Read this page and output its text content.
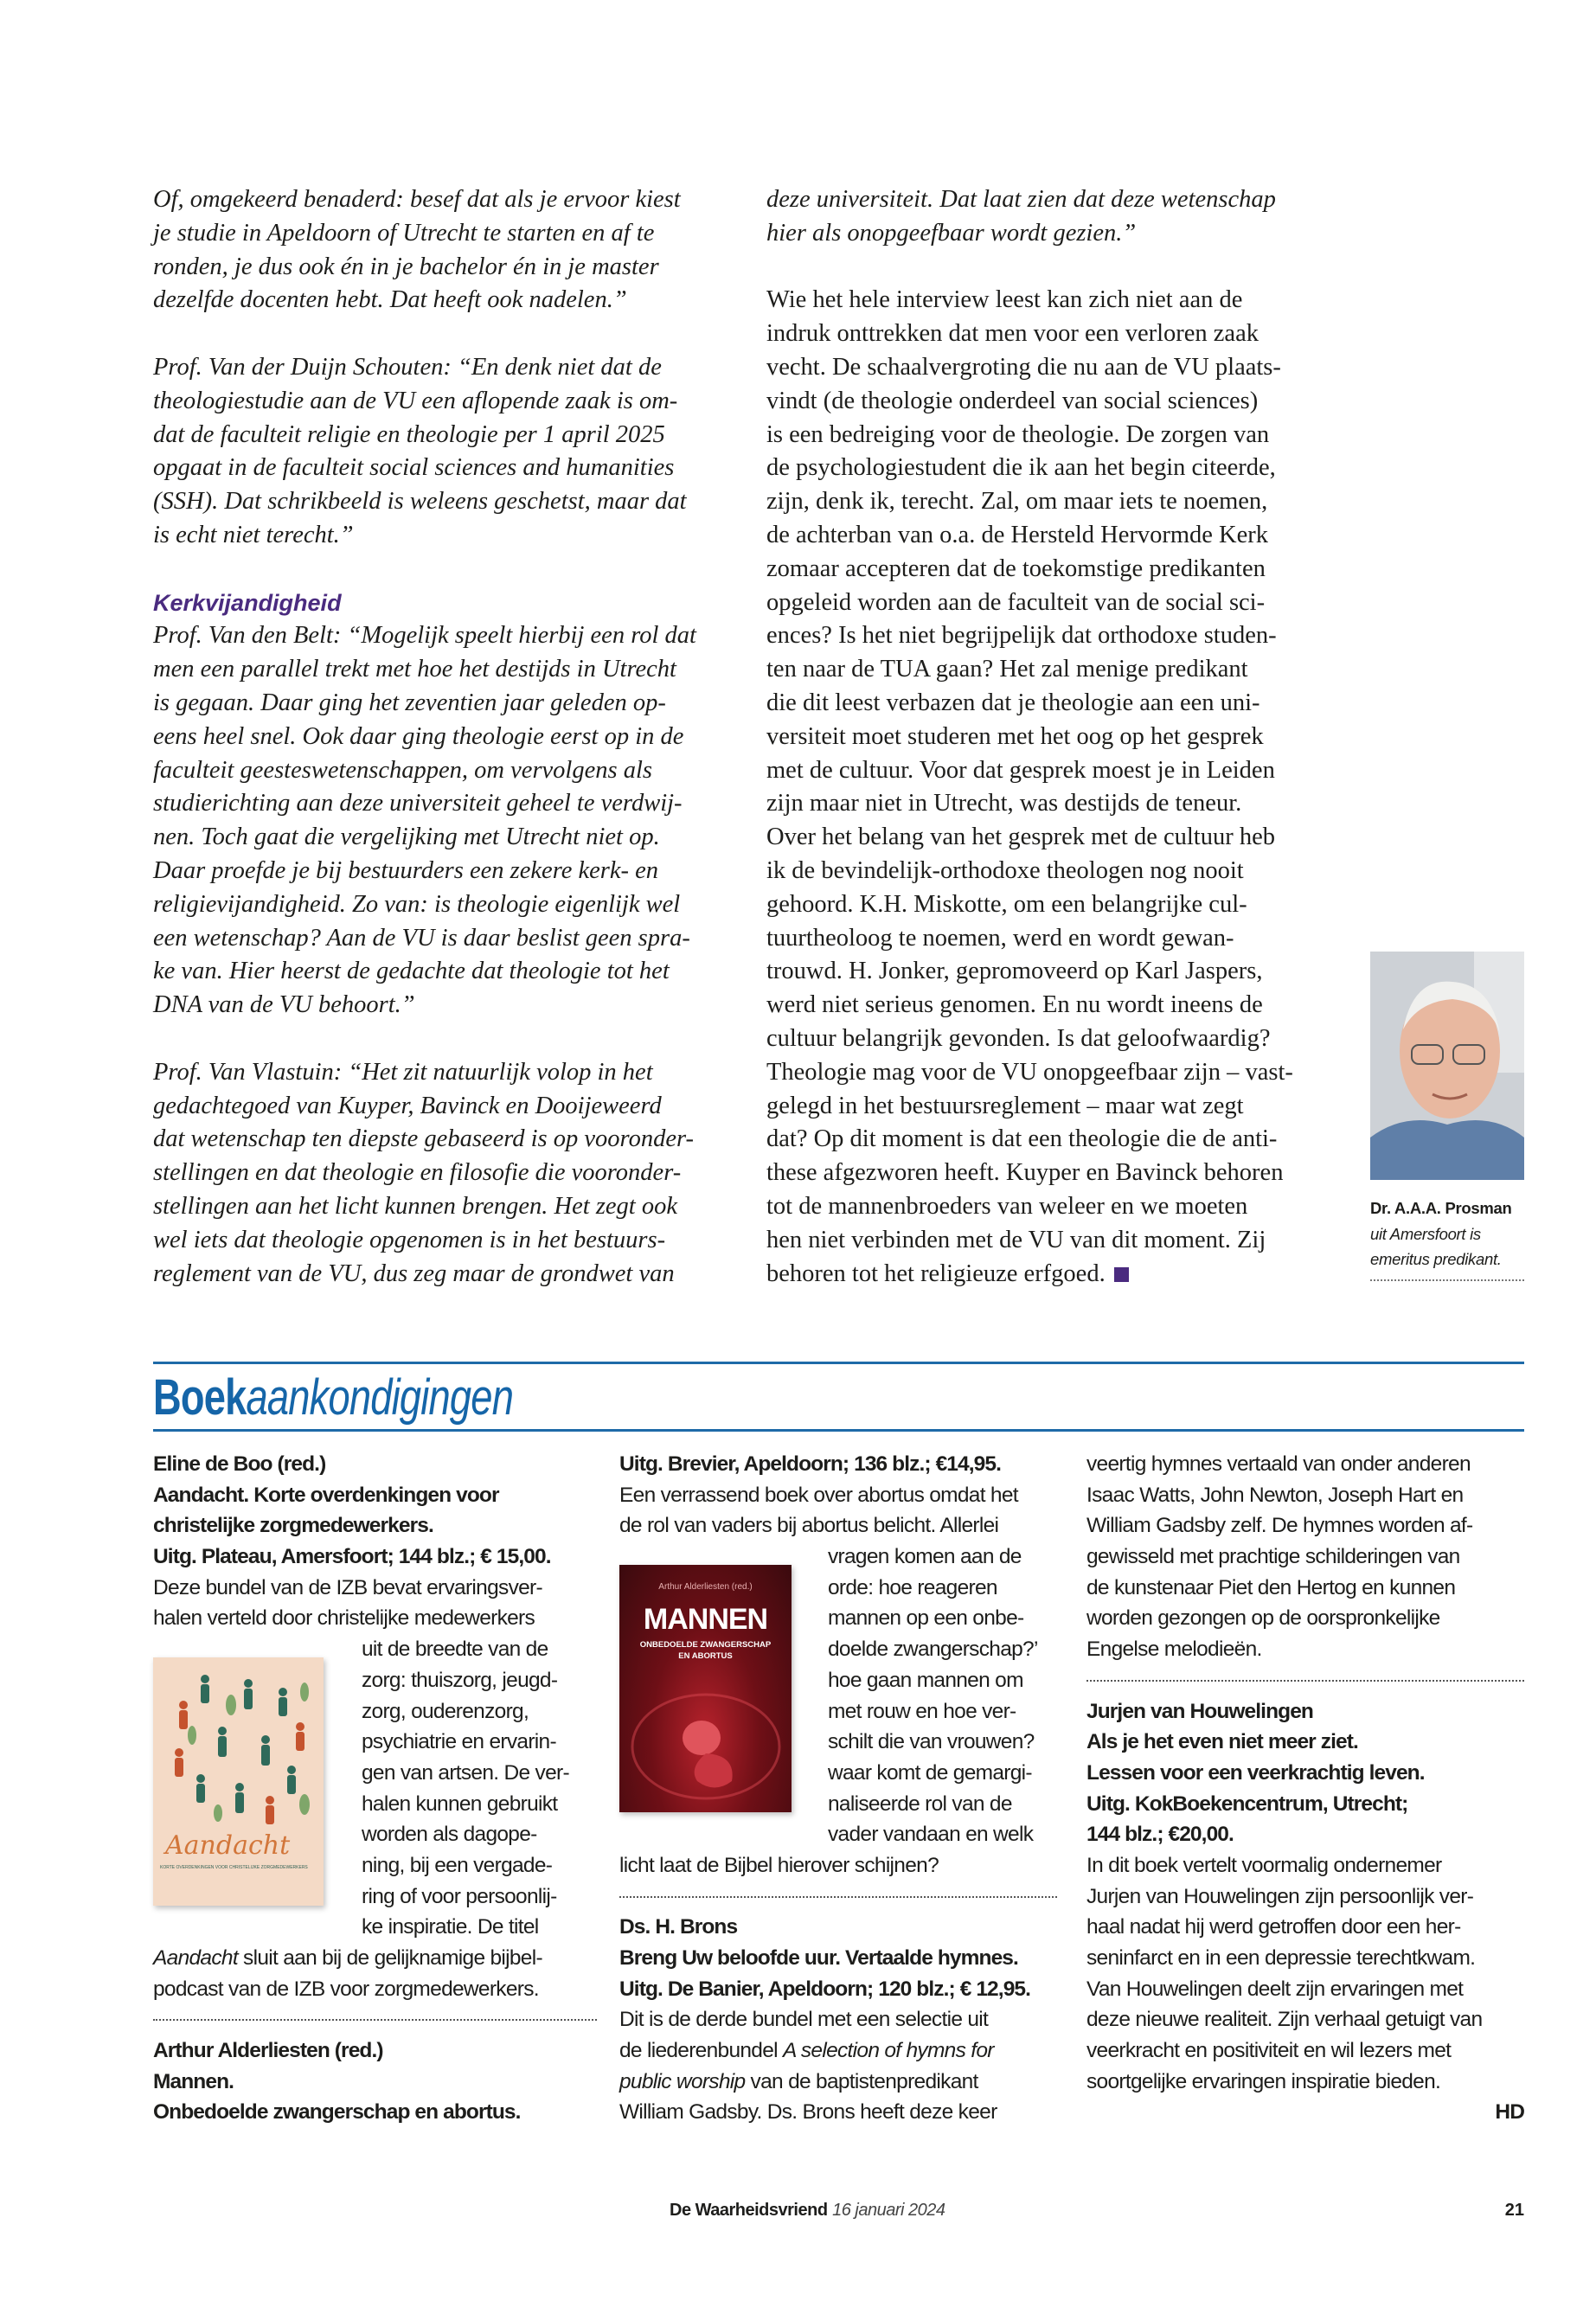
Of, omgekeerd benaderd: besef dat als je ervoor kiest
je studie in Apeldoorn of Utrecht te starten en af te
ronden, je dus ook én in je bachelor én in je master
dezelfde docenten hebt. Dat heeft ook nadelen.”
Prof. Van der Duijn Schouten: “En denk niet dat de
theologiestudie aan de VU een aflopende zaak is om-
dat de faculteit religie en theologie per 1 april 2025
opgaat in de faculteit social sciences and humanities
(SSH). Dat schrikbeeld is weleens geschetst, maar dat
is echt niet terecht.”
Kerkvijandigheid
Prof. Van den Belt: “Mogelijk speelt hierbij een rol dat
men een parallel trekt met hoe het destijds in Utrecht
is gegaan. Daar ging het zeventien jaar geleden op-
eens heel snel. Ook daar ging theologie eerst op in de
faculteit geesteswetenschappen, om vervolgens als
studierichting aan deze universiteit geheel te verdwij-
nen. Toch gaat die vergelijking met Utrecht niet op.
Daar proefde je bij bestuurders een zekere kerk- en
religievijandigheid. Zo van: is theologie eigenlijk wel
een wetenschap? Aan de VU is daar beslist geen spra-
ke van. Hier heerst de gedachte dat theologie tot het
DNA van de VU behoort.”
Prof. Van Vlastuin: “Het zit natuurlijk volop in het
gedachtegoed van Kuyper, Bavinck en Dooijeweerd
dat wetenschap ten diepste gebaseerd is op vooronder-
stellingen en dat theologie en filosofie die vooronder-
stellingen aan het licht kunnen brengen. Het zegt ook
wel iets dat theologie opgenomen is in het bestuurs-
reglement van de VU, dus zeg maar de grondwet van
deze universiteit. Dat laat zien dat deze wetenschap
hier als onopgeefbaar wordt gezien.”
Wie het hele interview leest kan zich niet aan de
indruk onttrekken dat men voor een verloren zaak
vecht. De schaalvergroting die nu aan de VU plaats-
vindt (de theologie onderdeel van social sciences)
is een bedreiging voor de theologie. De zorgen van
de psychologiestudent die ik aan het begin citeerde,
zijn, denk ik, terecht. Zal, om maar iets te noemen,
de achterban van o.a. de Hersteld Hervormde Kerk
zomaar accepteren dat de toekomstige predikanten
opgeleid worden aan de faculteit van de social sci-
ences? Is het niet begrijpelijk dat orthodoxe studen-
ten naar de TUA gaan? Het zal menige predikant
die dit leest verbazen dat je theologie aan een uni-
versiteit moet studeren met het oog op het gesprek
met de cultuur. Voor dat gesprek moest je in Leiden
zijn maar niet in Utrecht, was destijds de teneur.
Over het belang van het gesprek met de cultuur heb
ik de bevindelijk-orthodoxe theologen nog nooit
gehoord. K.H. Miskotte, om een belangrijke cul-
tuurtheoloog te noemen, werd en wordt gewan-
trouwd. H. Jonker, gepromoveerd op Karl Jaspers,
werd niet serieus genomen. En nu wordt ineens de
cultuur belangrijk gevonden. Is dat geloofwaardig?
Theologie mag voor de VU onopgeefbaar zijn – vast-
gelegd in het bestuursreglement – maar wat zegt
dat? Op dit moment is dat een theologie die de anti-
these afgezworen heeft. Kuyper en Bavinck behoren
tot de mannenbroeders van weleer en we moeten
hen niet verbinden met de VU van dit moment. Zij
behoren tot het religieuze erfgoed.
Dr. A.A.A. Prosman
uit Amersfoort is
emeritus predikant.
Boekaankondigingen
Eline de Boo (red.)
Aandacht. Korte overdenkingen voor
christelijke zorgmedewerkers.
Uitg. Plateau, Amersfoort; 144 blz.; € 15,00.
Deze bundel van de IZB bevat ervaringsver-
halen verteld door christelijke medewerkers
uit de breedte van de
zorg: thuiszorg, jeugd-
zorg, ouderenzorg,
psychiatrie en ervarin-
gen van artsen. De ver-
halen kunnen gebruikt
worden als dagope-
ning, bij een vergade-
ring of voor persoonlij-
ke inspiratie. De titel
Aandacht sluit aan bij de gelijknamige bijbel-
podcast van de IZB voor zorgmedewerkers.
Arthur Alderliesten (red.)
Mannen.
Onbedoelde zwangerschap en abortus.
Uitg. Brevier, Apeldoorn; 136 blz.; €14,95.
Een verrassend boek over abortus omdat het
de rol van vaders bij abortus belicht. Allerlei
vragen komen aan de
orde: hoe reageren
mannen op een onbe-
doelde zwangerschap?’
hoe gaan mannen om
met rouw en hoe ver-
schilt die van vrouwen?
waar komt de gemargi-
naliseerde rol van de
vader vandaan en welk
licht laat de Bijbel hierover schijnen?
Ds. H. Brons
Breng Uw beloofde uur. Vertaalde hymnes.
Uitg. De Banier, Apeldoorn; 120 blz.; € 12,95.
Dit is de derde bundel met een selectie uit
de liederenbundel A selection of hymns for
public worship van de baptistenpredikant
William Gadsby. Ds. Brons heeft deze keer
veertig hymnes vertaald van onder anderen
Isaac Watts, John Newton, Joseph Hart en
William Gadsby zelf. De hymnes worden af-
gewisseld met prachtige schilderingen van
de kunstenaar Piet den Hertog en kunnen
worden gezongen op de oorspronkelijke
Engelse melodieën.
Jurjen van Houwelingen
Als je het even niet meer ziet.
Lessen voor een veerkrachtig leven.
Uitg. KokBoekencentrum, Utrecht;
144 blz.; €20,00.
In dit boek vertelt voormalig ondernemer
Jurjen van Houwelingen zijn persoonlijk ver-
haal nadat hij werd getroffen door een her-
seninfarct en in een depressie terechtkwam.
Van Houwelingen deelt zijn ervaringen met
deze nieuwe realiteit. Zijn verhaal getuigt van
veerkracht en positiviteit en wil lezers met
soortgelijke ervaringen inspiratie bieden.
HD
Aandacht
KORTE OVERDENKINGEN VOOR CHRISTELIJKE ZORGMEDEWERKERS
Arthur Alderliesten (red.)
MANNEN
ONBEDOELDE ZWANGERSCHAP
EN ABORTUS
De Waarheidsvriend 16 januari 2024	21
